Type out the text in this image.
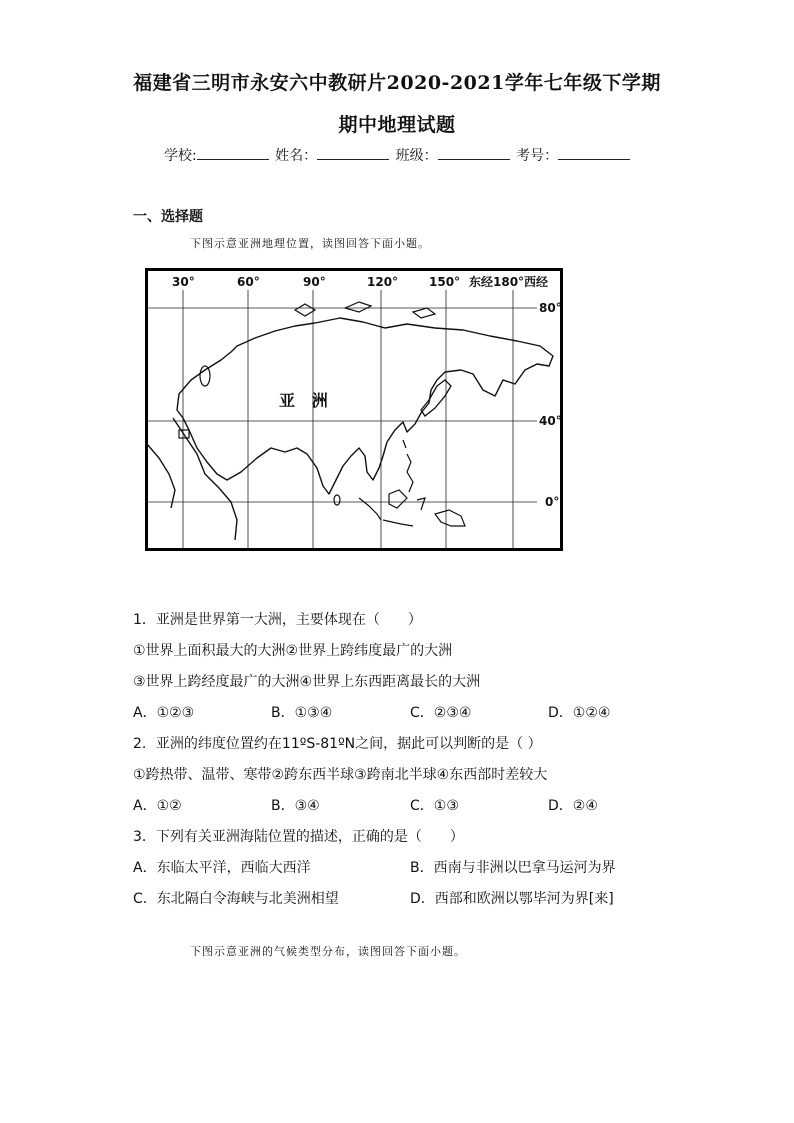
福建省三明市永安六中教研片2020-2021学年七年级下学期
期中地理试题
学校:	姓名：	班级：	考号：
一、选择题
下图示意亚洲地理位置，读图回答下面小题。
30°	60°	90°	120°	150° 东经180°西经
80°
40°
0°
亚   洲
1．亚洲是世界第一大洲，主要体现在（　　）
①世界上面积最大的大洲②世界上跨纬度最广的大洲
③世界上跨经度最广的大洲④世界上东西距离最长的大洲
A．①②③	B．①③④	C．②③④	D．①②④
2．亚洲的纬度位置约在11ºS-81ºN之间，据此可以判断的是（ ）
①跨热带、温带、寒带②跨东西半球③跨南北半球④东西部时差较大
A．①②	B．③④	C．①③	D．②④
3．下列有关亚洲海陆位置的描述，正确的是（　　）
A．东临太平洋，西临大西洋	B．西南与非洲以巴拿马运河为界
C．东北隔白令海峡与北美洲相望	D．西部和欧洲以鄂毕河为界[来]
下图示意亚洲的气候类型分布，读图回答下面小题。
